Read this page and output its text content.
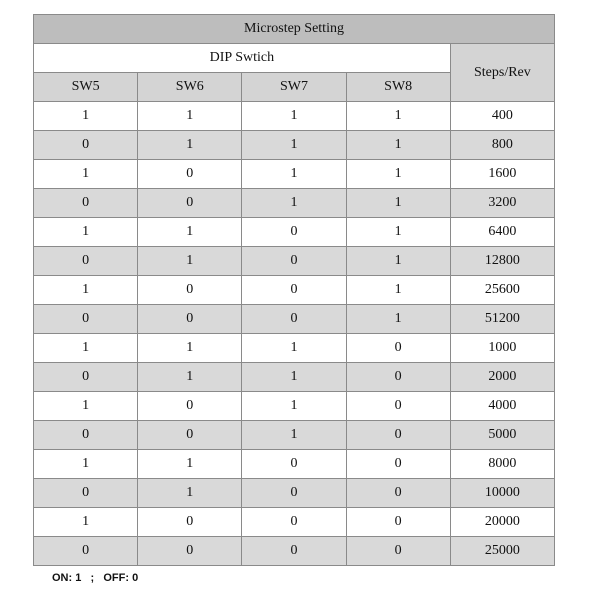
Microstep Setting				
DIP Swtich				Steps/Rev
SW5	SW6	SW7	SW8	
1	1	1	1	400
0	1	1	1	800
1	0	1	1	1600
0	0	1	1	3200
1	1	0	1	6400
0	1	0	1	12800
1	0	0	1	25600
0	0	0	1	51200
1	1	1	0	1000
0	1	1	0	2000
1	0	1	0	4000
0	0	1	0	5000
1	1	0	0	8000
0	1	0	0	10000
1	0	0	0	20000
0	0	0	0	25000
ON: 1 ; OFF: 0
